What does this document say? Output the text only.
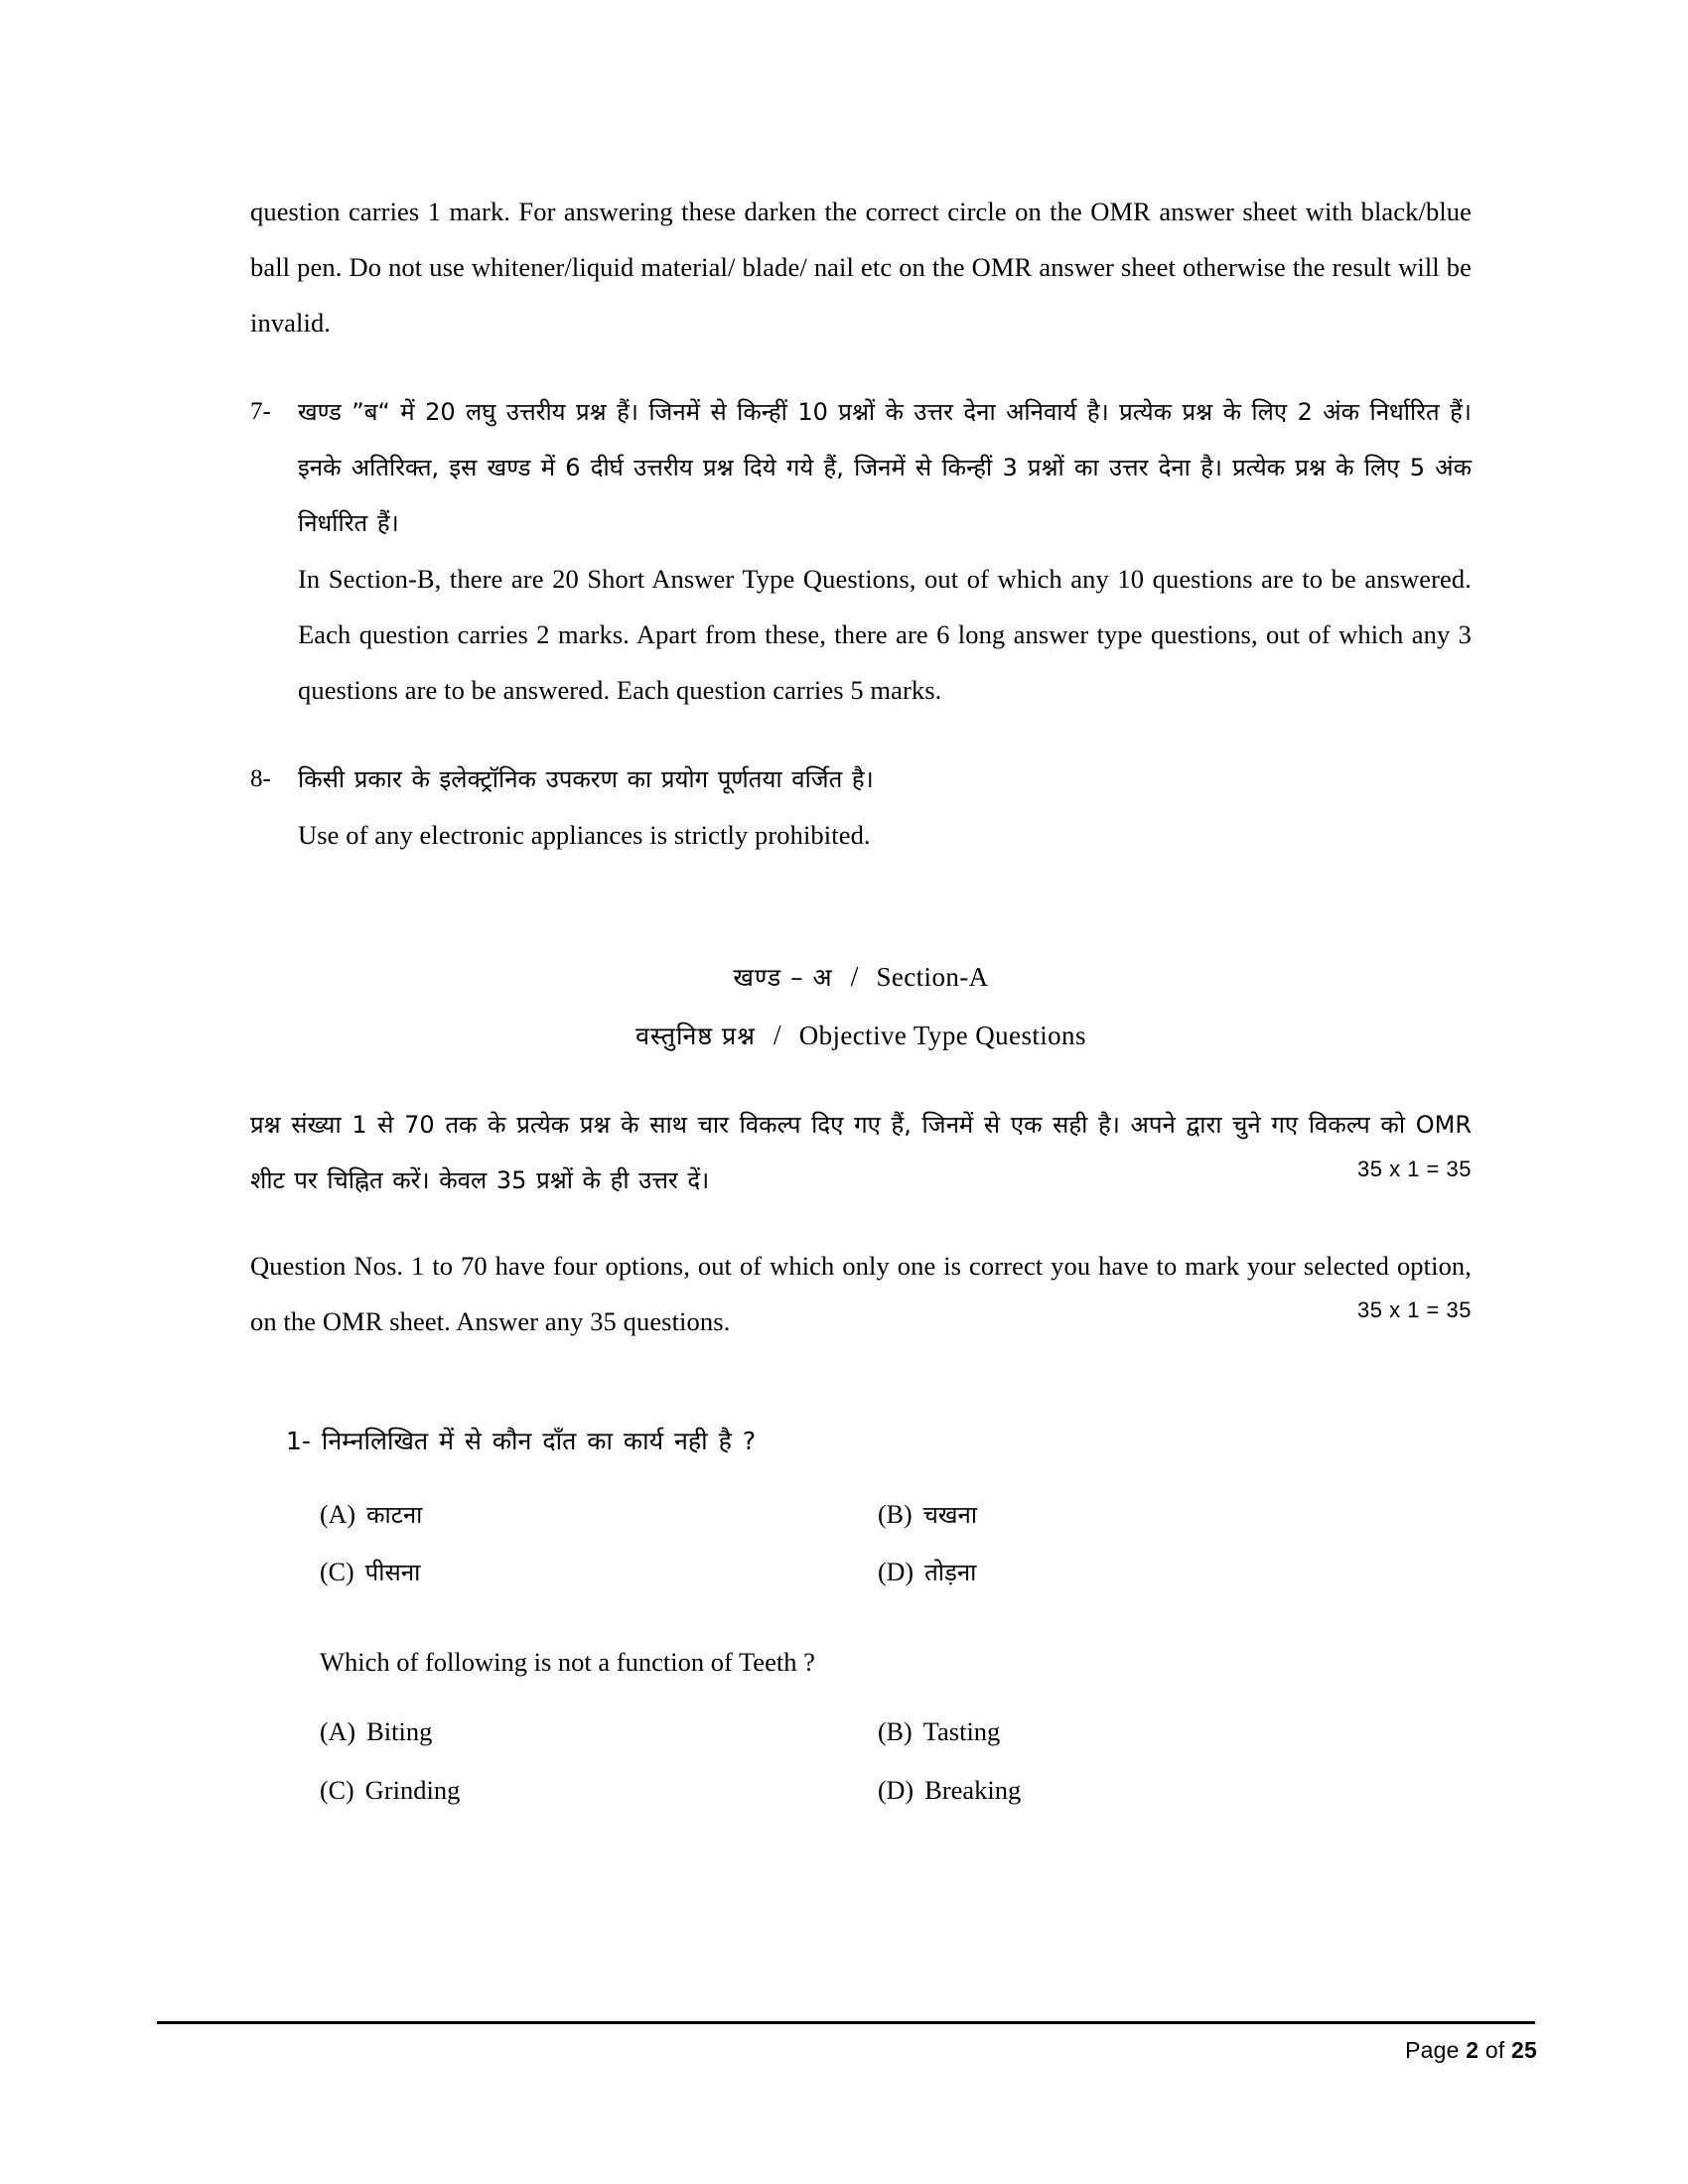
question carries 1 mark. For answering these darken the correct circle on the OMR answer sheet with black/blue ball pen. Do not use whitener/liquid material/ blade/ nail etc on the OMR answer sheet otherwise the result will be invalid.
7-	खण्ड ”ब“ में 20 लघु उत्तरीय प्रश्न हैं। जिनमें से किन्हीं 10 प्रश्नों के उत्तर देना अनिवार्य है। प्रत्येक प्रश्न के लिए 2 अंक निर्धारित हैं। इनके अतिरिक्त, इस खण्ड में 6 दीर्घ उत्तरीय प्रश्न दिये गये हैं, जिनमें से किन्हीं 3 प्रश्नों का उत्तर देना है। प्रत्येक प्रश्न के लिए 5 अंक निर्धारित हैं।
In Section-B, there are 20 Short Answer Type Questions, out of which any 10 questions are to be answered. Each question carries 2 marks. Apart from these, there are 6 long answer type questions, out of which any 3 questions are to be answered. Each question carries 5 marks.
8-	किसी प्रकार के इलेक्ट्रॉनिक उपकरण का प्रयोग पूर्णतया वर्जित है।
Use of any electronic appliances is strictly prohibited.
खण्ड – अ / Section-A
वस्तुनिष्ठ प्रश्न / Objective Type Questions
प्रश्न संख्या 1 से 70 तक के प्रत्येक प्रश्न के साथ चार विकल्प दिए गए हैं, जिनमें से एक सही है। अपने द्वारा चुने गए विकल्प को OMR शीट पर चिह्नित करें। केवल 35 प्रश्नों के ही उत्तर दें।	35 x 1 = 35
Question Nos. 1 to 70 have four options, out of which only one is correct you have to mark your selected option, on the OMR sheet. Answer any 35 questions.	35 x 1 = 35
1- निम्नलिखित में से कौन दाँत का कार्य नही है ?
(A) काटना	(B) चखना
(C) पीसना	(D) तोड़ना
Which of following is not a function of Teeth ?
(A) Biting	(B) Tasting
(C) Grinding	(D) Breaking
Page 2 of 25
